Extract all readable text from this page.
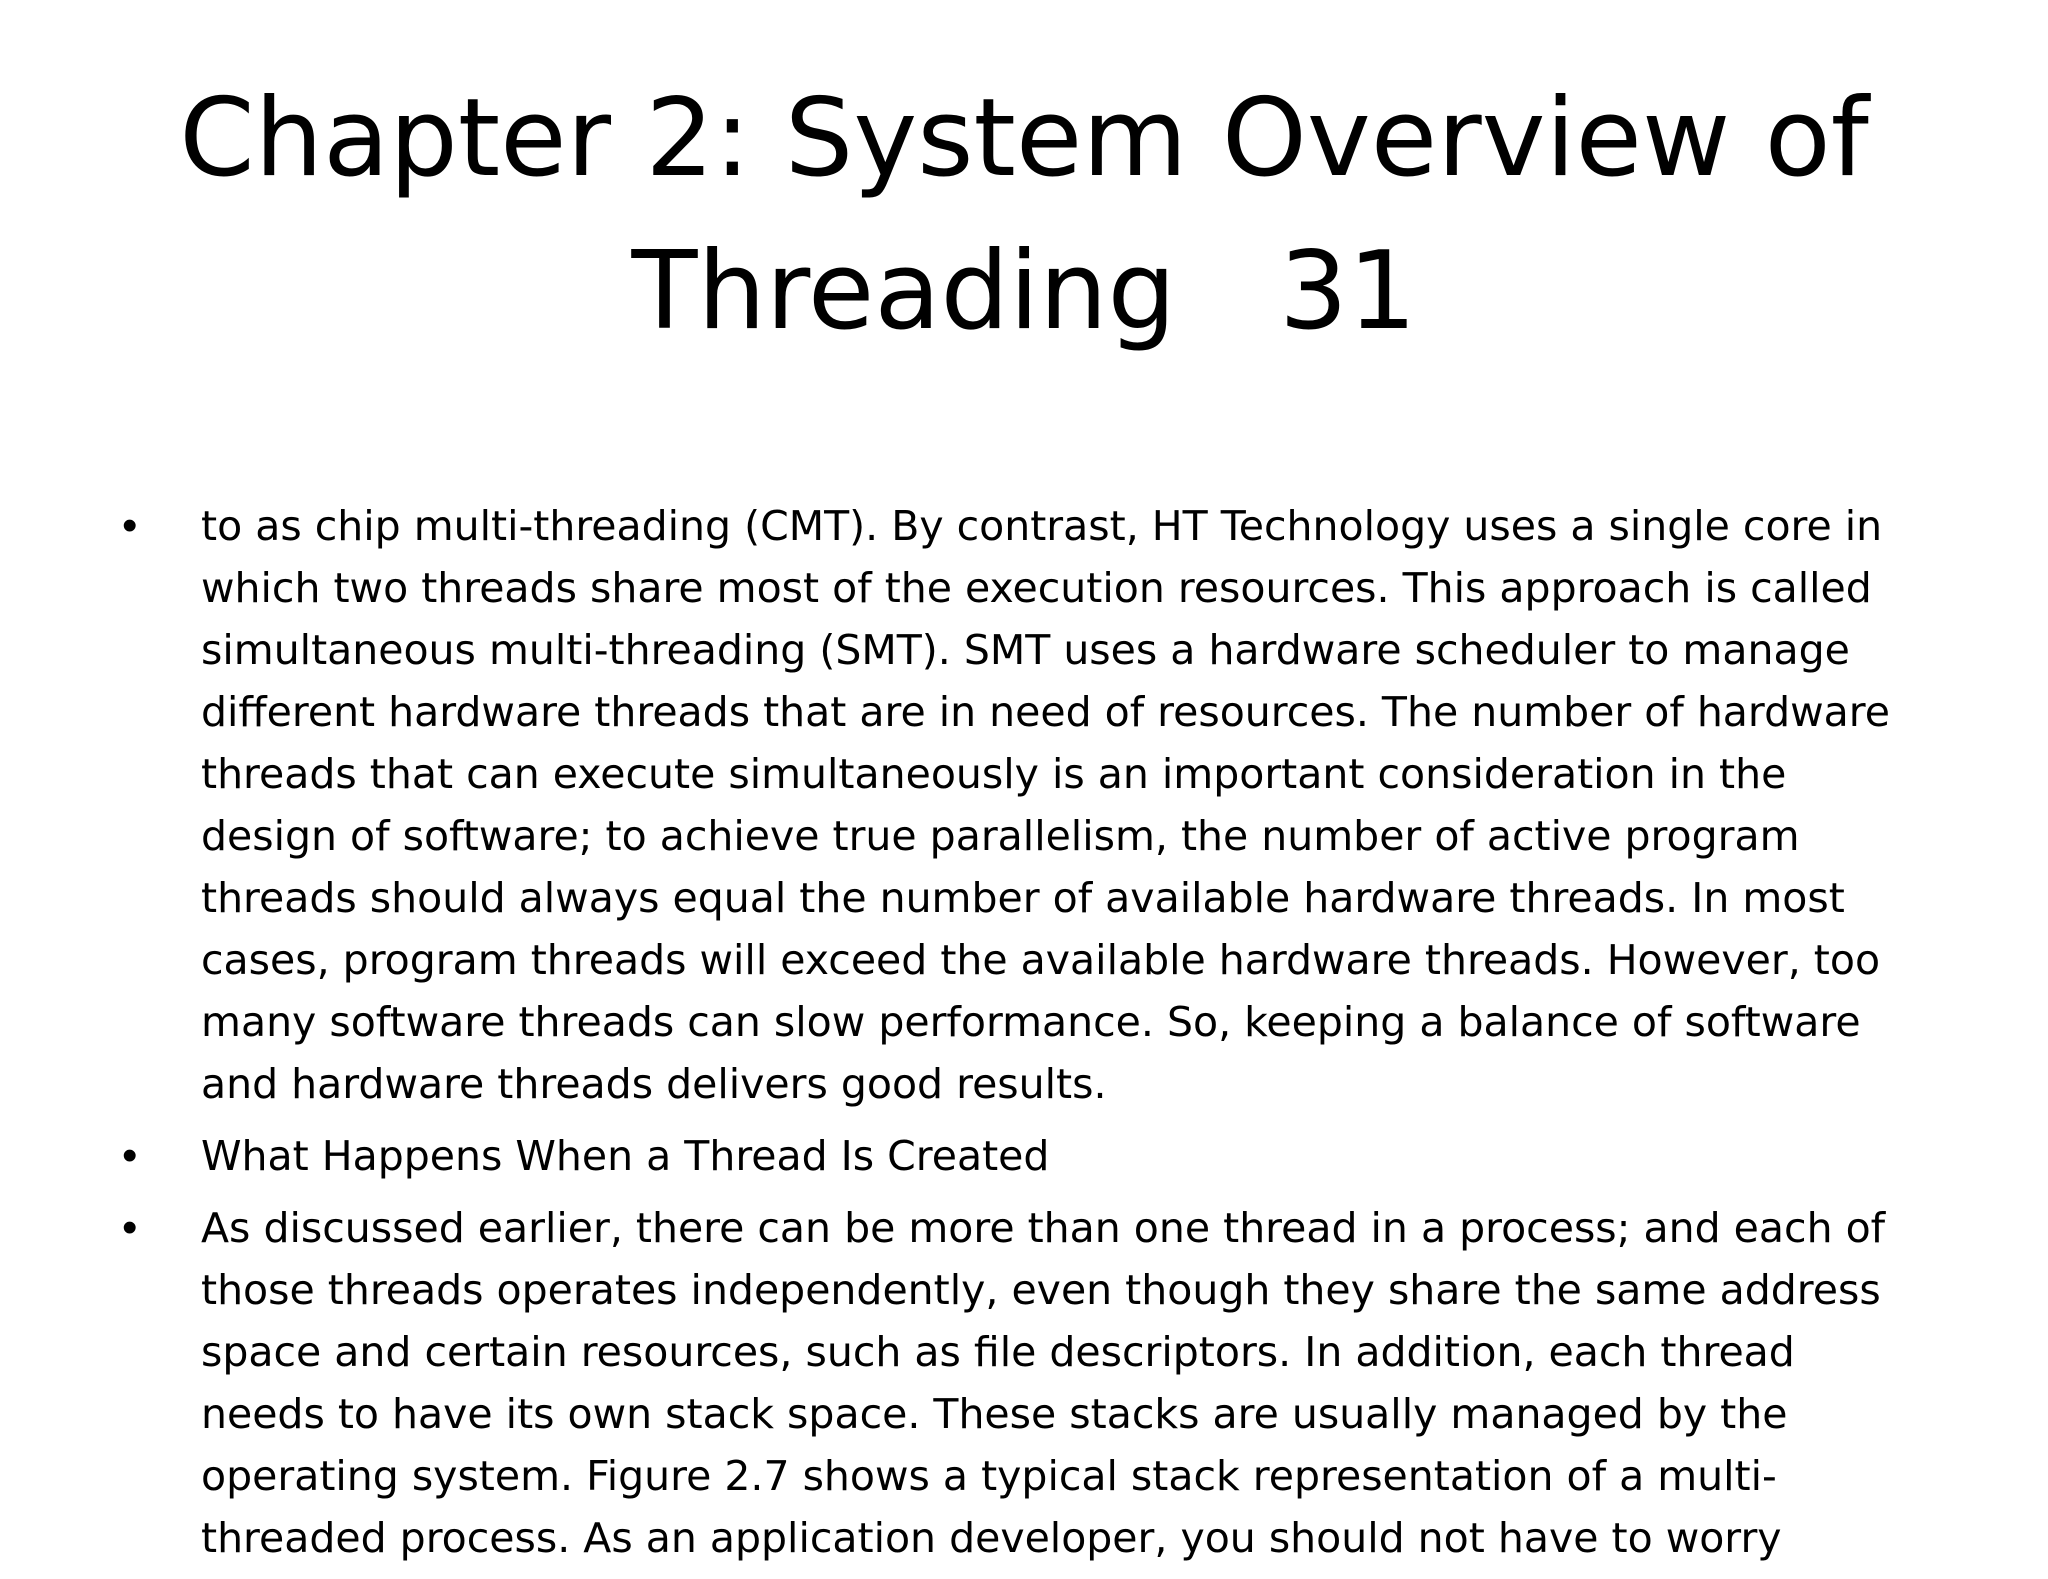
Chapter 2: System Overview of
Threading   31
• to as chip multi-threading (CMT). By contrast, HT Technology uses a single core in
which two threads share most of the execution resources. This approach is called
simultaneous multi-threading (SMT). SMT uses a hardware scheduler to manage
different hardware threads that are in need of resources. The number of hardware
threads that can execute simultaneously is an important consideration in the
design of software; to achieve true parallelism, the number of active program
threads should always equal the number of available hardware threads. In most
cases, program threads will exceed the available hardware threads. However, too
many software threads can slow performance. So, keeping a balance of software
and hardware threads delivers good results.
• What Happens When a Thread Is Created
• As discussed earlier, there can be more than one thread in a process; and each of
those threads operates independently, even though they share the same address
space and certain resources, such as file descriptors. In addition, each thread
needs to have its own stack space. These stacks are usually managed by the
operating system. Figure 2.7 shows a typical stack representation of a multi-
threaded process. As an application developer, you should not have to worry
